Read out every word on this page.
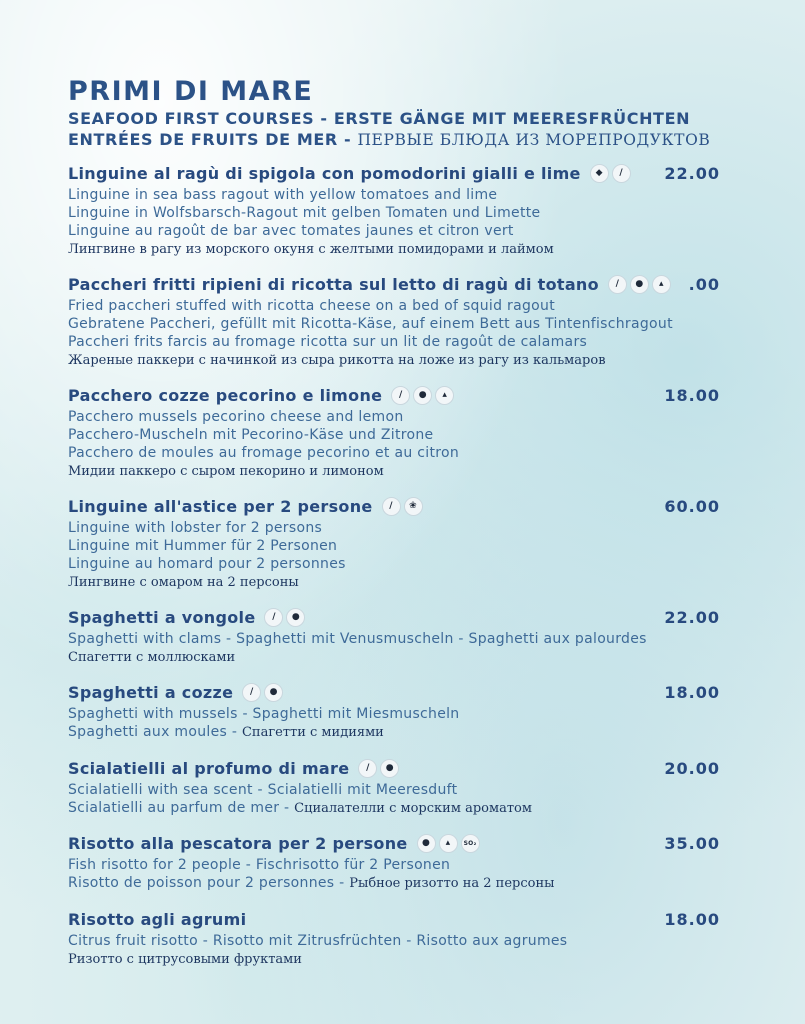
PRIMI DI MARE
SEAFOOD FIRST COURSES - ERSTE GÄNGE MIT MEERESFRÜCHTEN
ENTRÉES DE FRUITS DE MER - ПЕРВЫЕ БЛЮДА ИЗ МОРЕПРОДУКТОВ
Linguine al ragù di spigola con pomodorini gialli e lime	◆	∕	22.00
Linguine in sea bass ragout with yellow tomatoes and lime
Linguine in Wolfsbarsch-Ragout mit gelben Tomaten und Limette
Linguine au ragoût de bar avec tomates jaunes et citron vert
Лингвине в рагу из морского окуня с желтыми помидорами и лаймом
Paccheri fritti ripieni di ricotta sul letto di ragù di totano	∕	●	▴	.00
Fried paccheri stuffed with ricotta cheese on a bed of squid ragout
Gebratene Paccheri, gefüllt mit Ricotta-Käse, auf einem Bett aus Tintenfischragout
Paccheri frits farcis au fromage ricotta sur un lit de ragoût de calamars
Жареные паккери с начинкой из сыра рикотта на ложе из рагу из кальмаров
Pacchero cozze pecorino e limone	∕	●	▴	18.00
Pacchero mussels pecorino cheese and lemon
Pacchero-Muscheln mit Pecorino-Käse und Zitrone
Pacchero de moules au fromage pecorino et au citron
Мидии паккеро с сыром пекорино и лимоном
Linguine all'astice per 2 persone	∕	❀	60.00
Linguine with lobster for 2 persons
Linguine mit Hummer für 2 Personen
Linguine au homard pour 2 personnes
Лингвине с омаром на 2 персоны
Spaghetti a vongole	∕	●	22.00
Spaghetti with clams - Spaghetti mit Venusmuscheln - Spaghetti aux palourdes
Спагетти с моллюсками
Spaghetti a cozze	∕	●	18.00
Spaghetti with mussels - Spaghetti mit Miesmuscheln
Spaghetti aux moules - Спагетти с мидиями
Scialatielli al profumo di mare	∕	●	20.00
Scialatielli with sea scent - Scialatielli mit Meeresduft
Scialatielli au parfum de mer - Сциалателли с морским ароматом
Risotto alla pescatora per 2 persone	●	▴	SO₂	35.00
Fish risotto for 2 people - Fischrisotto für 2 Personen
Risotto de poisson pour 2 personnes - Рыбное ризотто на 2 персоны
Risotto agli agrumi	18.00
Citrus fruit risotto - Risotto mit Zitrusfrüchten - Risotto aux agrumes
Ризотто с цитрусовыми фруктами
